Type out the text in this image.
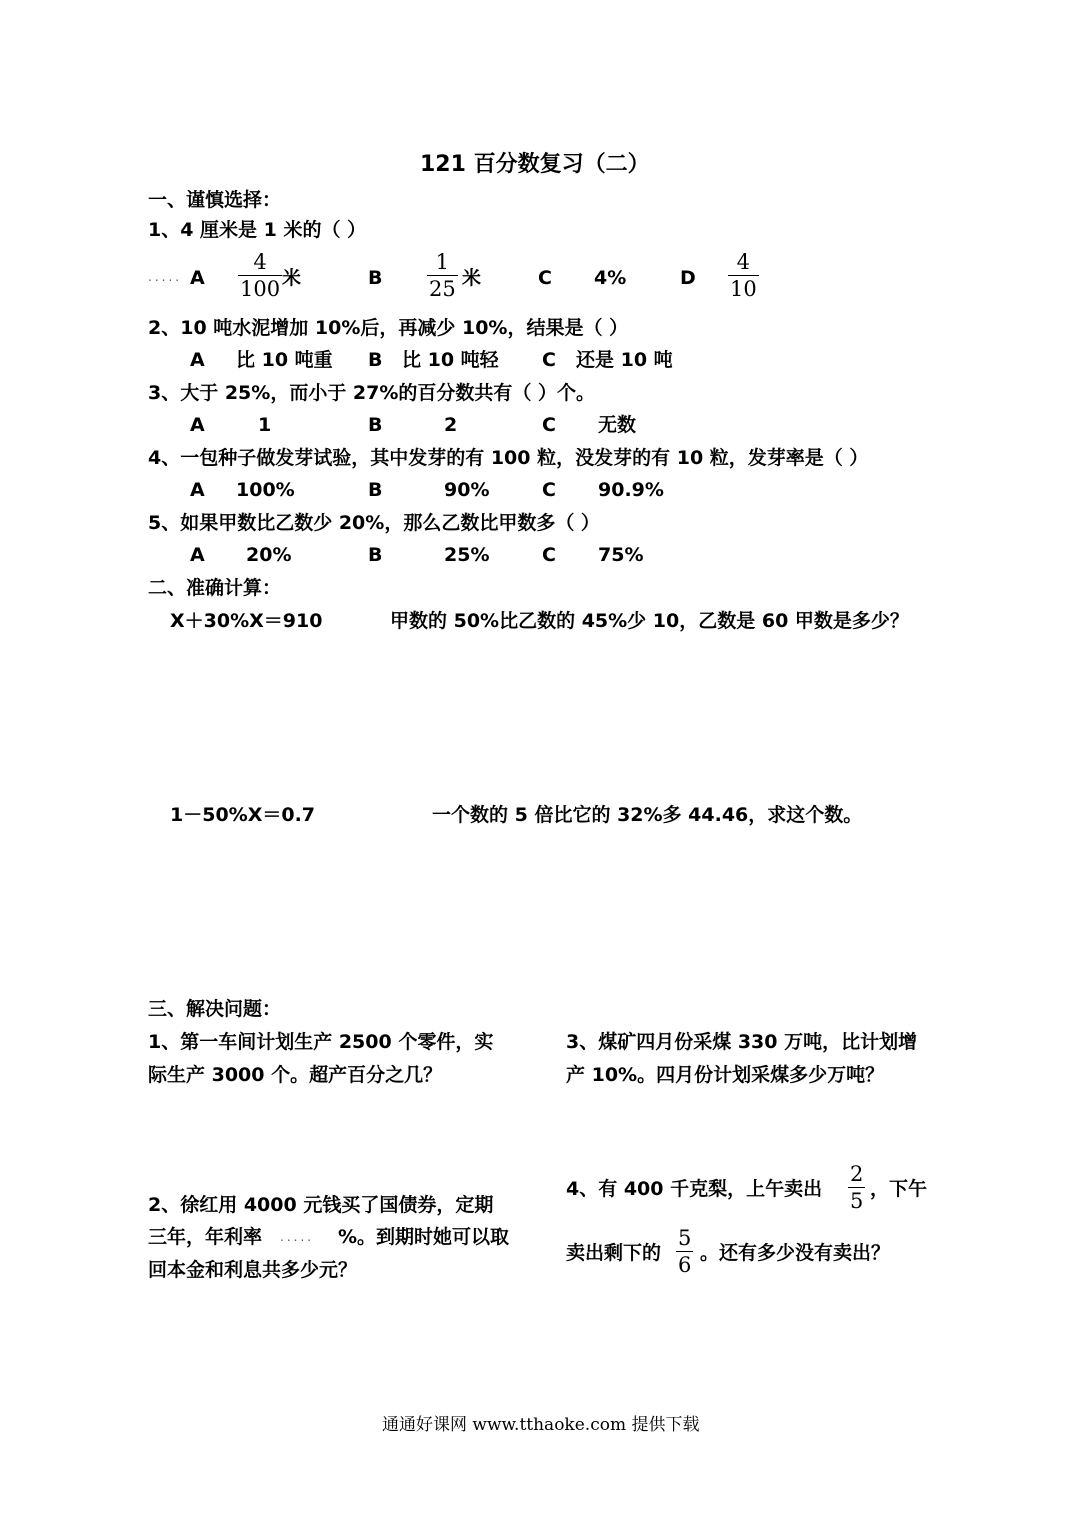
121 百分数复习（二）
一、谨慎选择：
1、4 厘米是 1 米的（ ）
..... A
4
100 米	B
1
25 米	C 4%	D
4
10
2、10 吨水泥增加 10%后，再减少 10%，结果是（ ）
A 比 10 吨重 B 比 10 吨轻 C 还是 10 吨
3、大于 25%，而小于 27%的百分数共有（ ）个。
A	1	B	2	C 无数
4、一包种子做发芽试验，其中发芽的有 100 粒，没发芽的有 10 粒，发芽率是（ ）
A 100%	B	90%	C 90.9%
5、如果甲数比乙数少 20%，那么乙数比甲数多（ ）
A 20%	B	25%	C 75%
二、准确计算：
X＋30%X＝910	甲数的 50%比乙数的 45%少 10，乙数是 60 甲数是多少？
1－50%X＝0.7	一个数的 5 倍比它的 32%多 44.46，求这个数。
三、解决问题：
1、第一车间计划生产 2500 个零件，实
际生产 3000 个。超产百分之几？
3、煤矿四月份采煤 330 万吨，比计划增
产 10%。四月份计划采煤多少万吨？
2、徐红用 4000 元钱买了国债券，定期
三年，年利率 ..... %。到期时她可以取
回本金和利息共多少元？
4、有 400 千克梨，上午卖出
2
5 ，下午
卖出剩下的
5
6 。还有多少没有卖出？
通通好课网 www.tthaoke.com 提供下载
